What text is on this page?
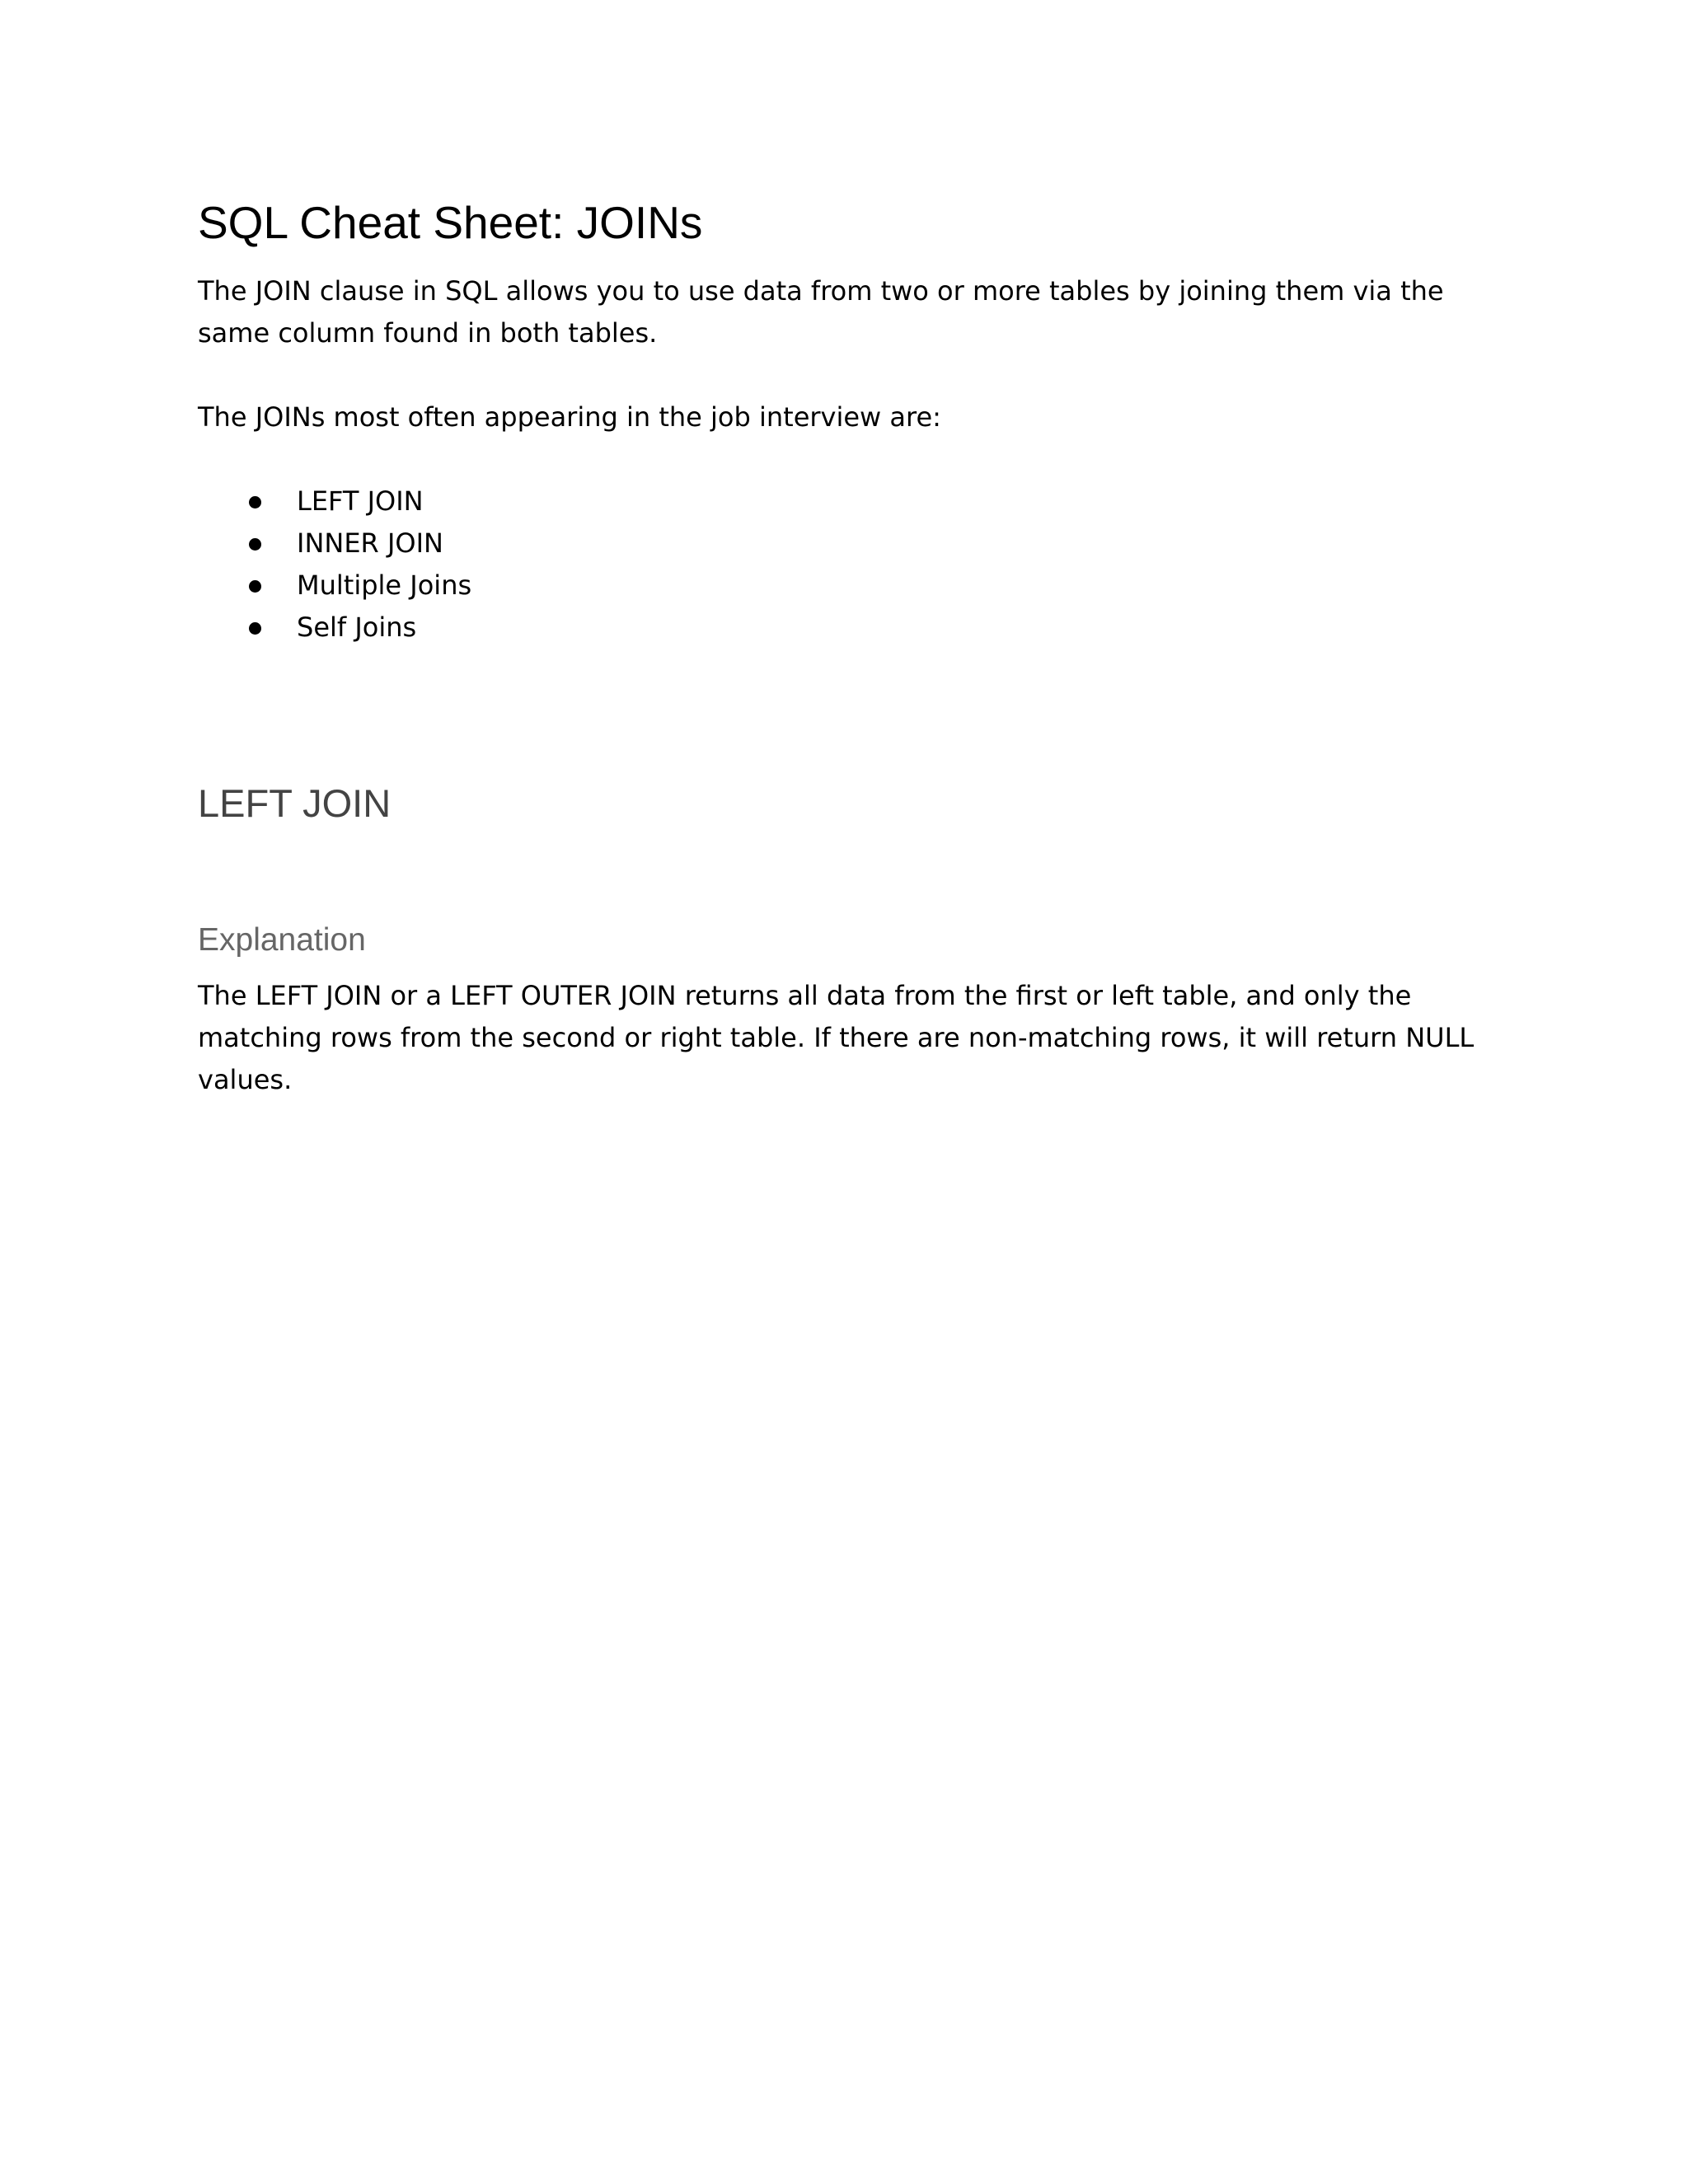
SQL Cheat Sheet: JOINs

The JOIN clause in SQL allows you to use data from two or more tables by joining them via the same column found in both tables.

The JOINs most often appearing in the job interview are:

LEFT JOIN
INNER JOIN
Multiple Joins
Self Joins
LEFT JOIN
Explanation

The LEFT JOIN or a LEFT OUTER JOIN returns all data from the first or left table, and only the matching rows from the second or right table. If there are non-matching rows, it will return NULL values.
